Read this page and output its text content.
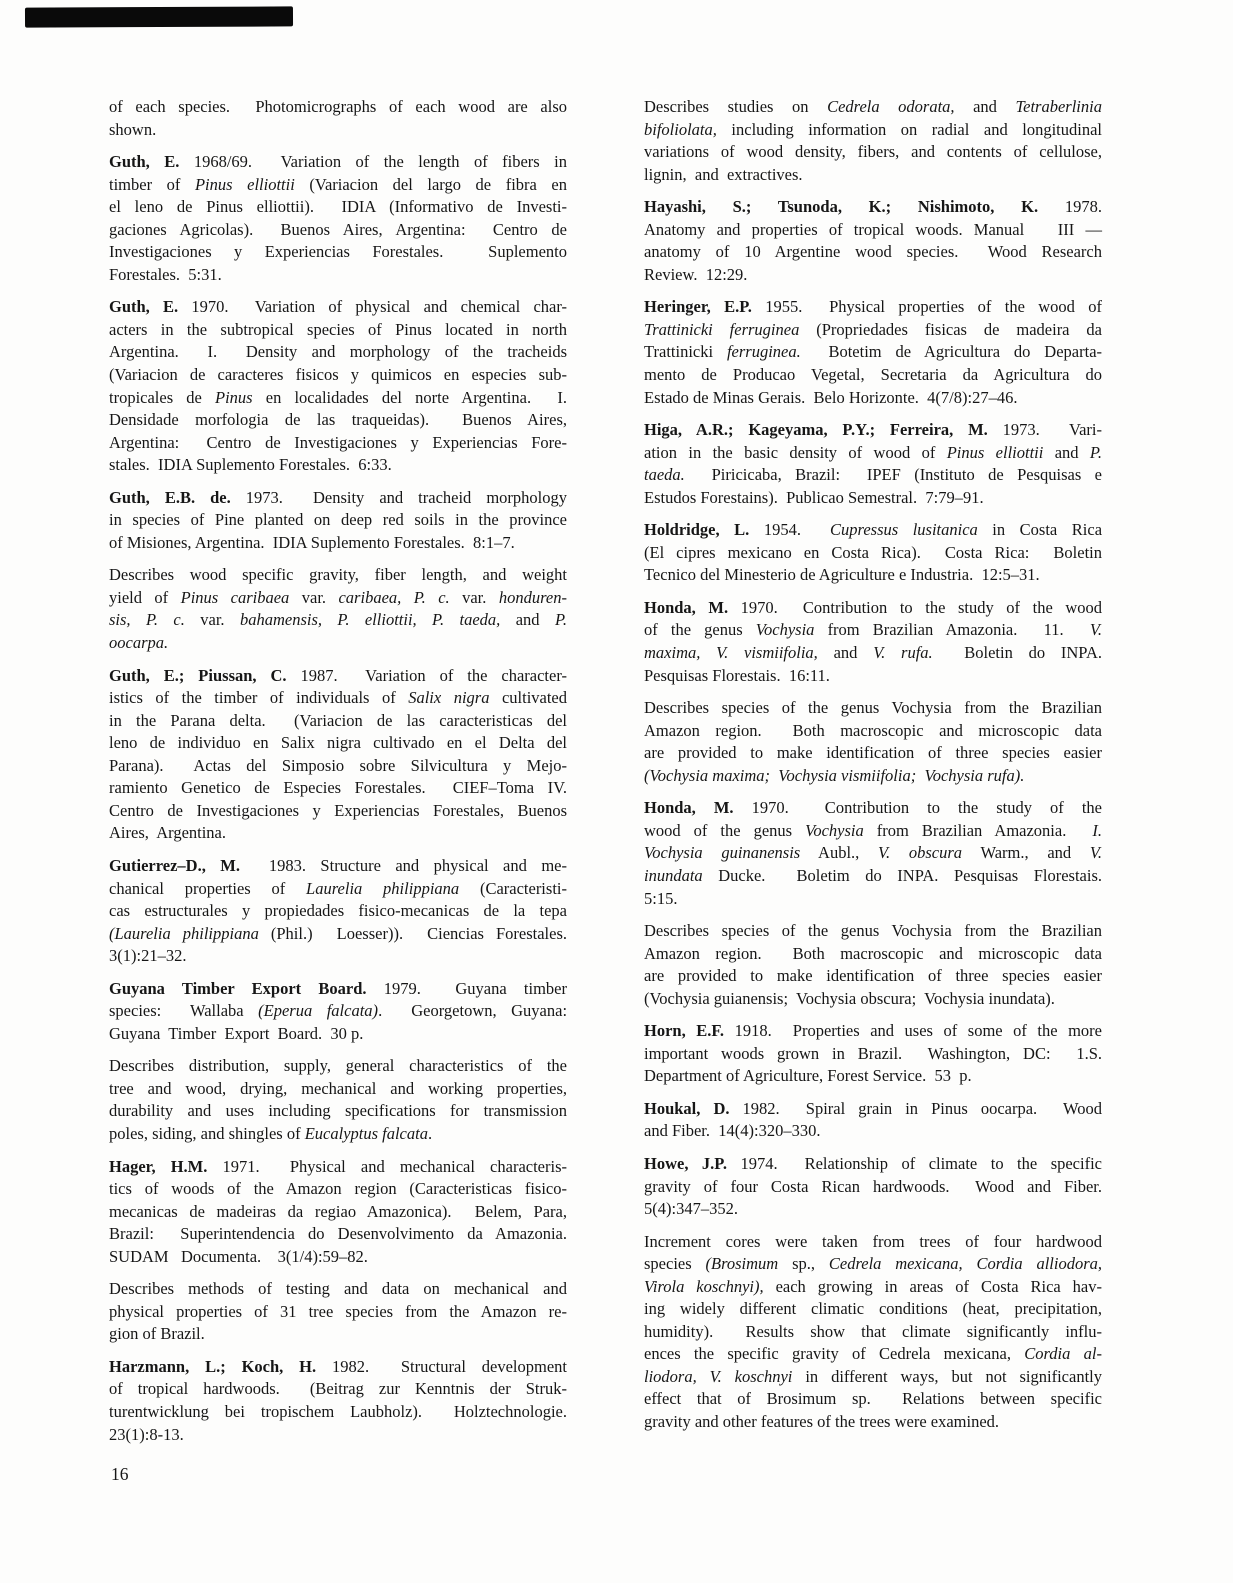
of each species.  Photomicrographs of each wood are also
shown.
Guth, E. 1968/69.  Variation of the length of fibers in
timber of Pinus elliottii (Variacion del largo de fibra en
el leno de Pinus elliottii).  IDIA (Informativo de Investi-
gaciones Agricolas).  Buenos Aires, Argentina:  Centro de
Investigaciones y Experiencias Forestales.  Suplemento
Forestales.  5:31.
Guth, E. 1970.  Variation of physical and chemical char-
acters in the subtropical species of Pinus located in north
Argentina.  I.  Density and morphology of the tracheids
(Variacion de caracteres fisicos y quimicos en especies sub-
tropicales de Pinus en localidades del norte Argentina.  I.
Densidade morfologia de las traqueidas).  Buenos Aires,
Argentina:  Centro de Investigaciones y Experiencias Fore-
stales.  IDIA Suplemento Forestales.  6:33.
Guth, E.B. de. 1973.  Density and tracheid morphology
in species of Pine planted on deep red soils in the province
of Misiones, Argentina.  IDIA Suplemento Forestales.  8:1–7.
Describes wood specific gravity, fiber length, and weight
yield of Pinus caribaea var. caribaea, P. c. var. honduren-
sis, P. c. var. bahamensis, P. elliottii, P. taeda, and P.
oocarpa.
Guth, E.; Piussan, C. 1987.  Variation of the character-
istics of the timber of individuals of Salix nigra cultivated
in the Parana delta.  (Variacion de las caracteristicas del
leno de individuo en Salix nigra cultivado en el Delta del
Parana).  Actas del Simposio sobre Silvicultura y Mejo-
ramiento Genetico de Especies Forestales.  CIEF–Toma IV.
Centro de Investigaciones y Experiencias Forestales, Buenos
Aires,  Argentina.
Gutierrez–D., M.  1983. Structure and physical and me-
chanical properties of Laurelia philippiana (Caracteristi-
cas estructurales y propiedades fisico-mecanicas de la tepa
(Laurelia philippiana (Phil.)  Loesser)).  Ciencias Forestales.
3(1):21–32.
Guyana Timber Export Board. 1979.  Guyana timber
species:  Wallaba (Eperua falcata).  Georgetown, Guyana:
Guyana  Timber  Export  Board.  30 p.
Describes distribution, supply, general characteristics of the
tree and wood, drying, mechanical and working properties,
durability and uses including specifications for transmission
poles, siding, and shingles of Eucalyptus falcata.
Hager, H.M. 1971.  Physical and mechanical characteris-
tics of woods of the Amazon region (Caracteristicas fisico-
mecanicas de madeiras da regiao Amazonica).  Belem, Para,
Brazil:  Superintendencia do Desenvolvimento da Amazonia.
SUDAM   Documenta.    3(1/4):59–82.
Describes methods of testing and data on mechanical and
physical properties of 31 tree species from the Amazon re-
gion of Brazil.
Harzmann, L.; Koch, H. 1982.  Structural development
of tropical hardwoods.  (Beitrag zur Kenntnis der Struk-
turentwicklung bei tropischem Laubholz).  Holztechnologie.
23(1):8-13.
Describes studies on Cedrela odorata, and Tetraberlinia
bifoliolata, including information on radial and longitudinal
variations of wood density, fibers, and contents of cellulose,
lignin,  and  extractives.
Hayashi, S.; Tsunoda, K.; Nishimoto, K. 1978.
Anatomy and properties of tropical woods. Manual   III —
anatomy of 10 Argentine wood species.  Wood Research
Review.  12:29.
Heringer, E.P. 1955.  Physical properties of the wood of
Trattinicki ferruginea (Propriedades fisicas de madeira da
Trattinicki ferruginea.  Botetim de Agricultura do Departa-
mento de Producao Vegetal, Secretaria da Agricultura do
Estado de Minas Gerais.  Belo Horizonte.  4(7/8):27–46.
Higa, A.R.; Kageyama, P.Y.; Ferreira, M. 1973.  Vari-
ation in the basic density of wood of Pinus elliottii and P.
taeda.  Piricicaba, Brazil:  IPEF (Instituto de Pesquisas e
Estudos Forestains).  Publicao Semestral.  7:79–91.
Holdridge, L. 1954.  Cupressus lusitanica in Costa Rica
(El cipres mexicano en Costa Rica).  Costa Rica:  Boletin
Tecnico del Minesterio de Agriculture e Industria.  12:5–31.
Honda, M. 1970.  Contribution to the study of the wood
of the genus Vochysia from Brazilian Amazonia.  11.  V.
maxima, V. vismiifolia, and V. rufa.  Boletin do INPA.
Pesquisas Florestais.  16:11.
Describes species of the genus Vochysia from the Brazilian
Amazon region.  Both macroscopic and microscopic data
are provided to make identification of three species easier
(Vochysia maxima;  Vochysia vismiifolia;  Vochysia rufa).
Honda, M. 1970.  Contribution to the study of the
wood of the genus Vochysia from Brazilian Amazonia.  I.
Vochysia guinanensis Aubl., V. obscura Warm., and V.
inundata Ducke.  Boletim do INPA. Pesquisas Florestais.
5:15.
Describes species of the genus Vochysia from the Brazilian
Amazon region.  Both macroscopic and microscopic data
are provided to make identification of three species easier
(Vochysia guianensis;  Vochysia obscura;  Vochysia inundata).
Horn, E.F. 1918.  Properties and uses of some of the more
important woods grown in Brazil.  Washington, DC:  1.S.
Department of Agriculture, Forest Service.  53  p.
Houkal, D. 1982.  Spiral grain in Pinus oocarpa.  Wood
and Fiber.  14(4):320–330.
Howe, J.P. 1974.  Relationship of climate to the specific
gravity of four Costa Rican hardwoods.  Wood and Fiber.
5(4):347–352.
Increment cores were taken from trees of four hardwood
species (Brosimum sp., Cedrela mexicana, Cordia alliodora,
Virola koschnyi), each growing in areas of Costa Rica hav-
ing widely different climatic conditions (heat, precipitation,
humidity).  Results show that climate significantly influ-
ences the specific gravity of Cedrela mexicana, Cordia al-
liodora, V. koschnyi in different ways, but not significantly
effect that of Brosimum sp.  Relations between specific
gravity and other features of the trees were examined.
16
